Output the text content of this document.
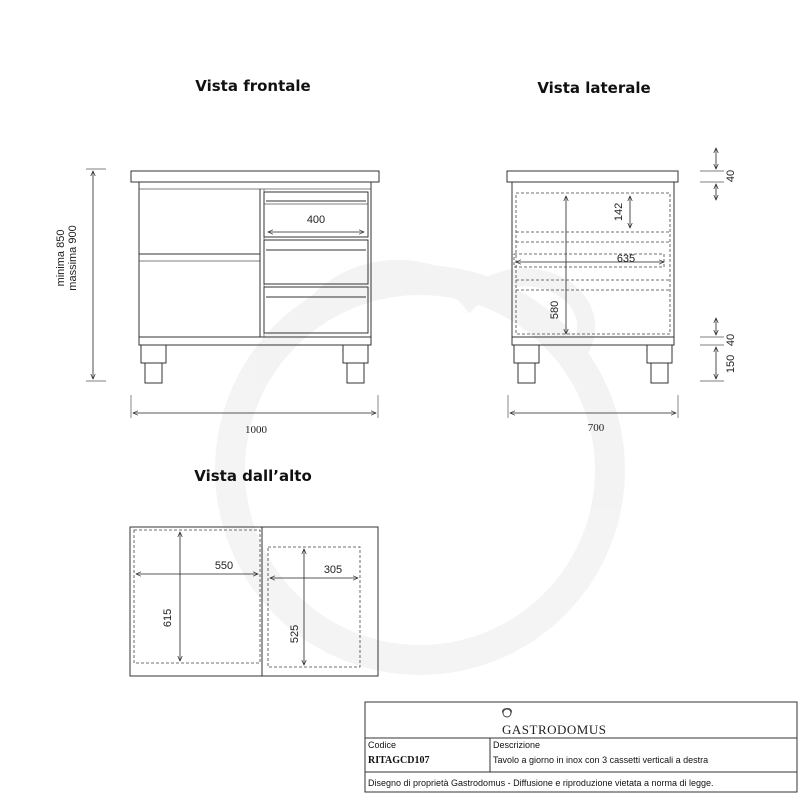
Vista frontale
minima 850 massima 900
400
1000
Vista laterale
40
142
635
580
40
150
700
Vista dall’alto
550
615
305
525
GASTRODOMUS
Codice
RITAGCD107
Descrizione
Tavolo a giorno in inox con 3 cassetti verticali a destra
Disegno di proprietà Gastrodomus - Diffusione e riproduzione vietata a norma di legge.
